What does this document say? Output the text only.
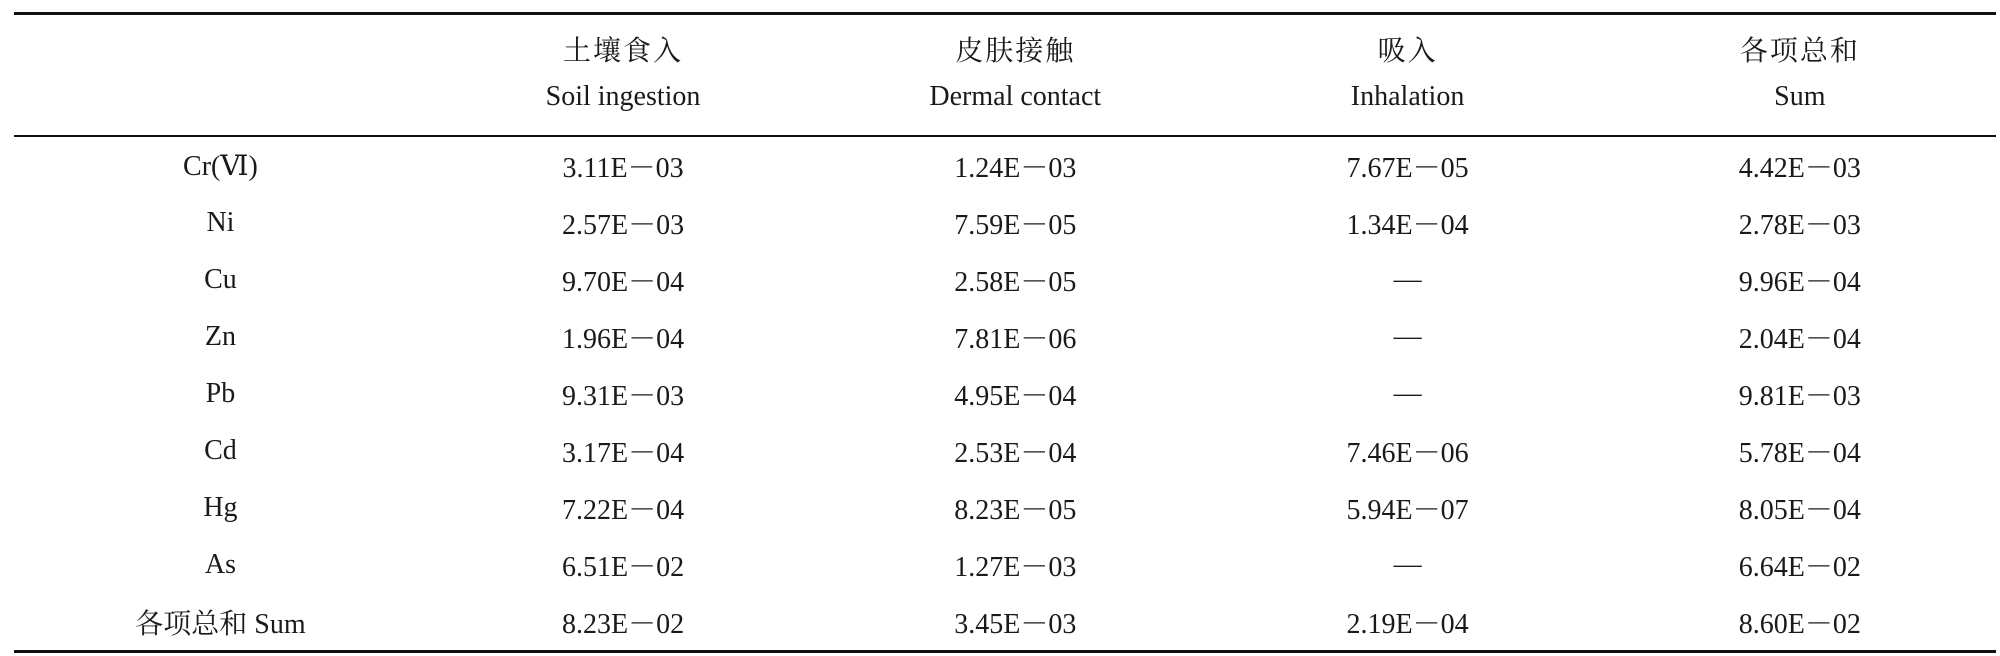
	土壤食入	皮肤接触	吸入	各项总和
	Soil ingestion	Dermal contact	Inhalation	Sum
Cr(Ⅵ)	3.11E－03	1.24E－03	7.67E－05	4.42E－03
Ni	2.57E－03	7.59E－05	1.34E－04	2.78E－03
Cu	9.70E－04	2.58E－05	—	9.96E－04
Zn	1.96E－04	7.81E－06	—	2.04E－04
Pb	9.31E－03	4.95E－04	—	9.81E－03
Cd	3.17E－04	2.53E－04	7.46E－06	5.78E－04
Hg	7.22E－04	8.23E－05	5.94E－07	8.05E－04
As	6.51E－02	1.27E－03	—	6.64E－02
各项总和 Sum	8.23E－02	3.45E－03	2.19E－04	8.60E－02
